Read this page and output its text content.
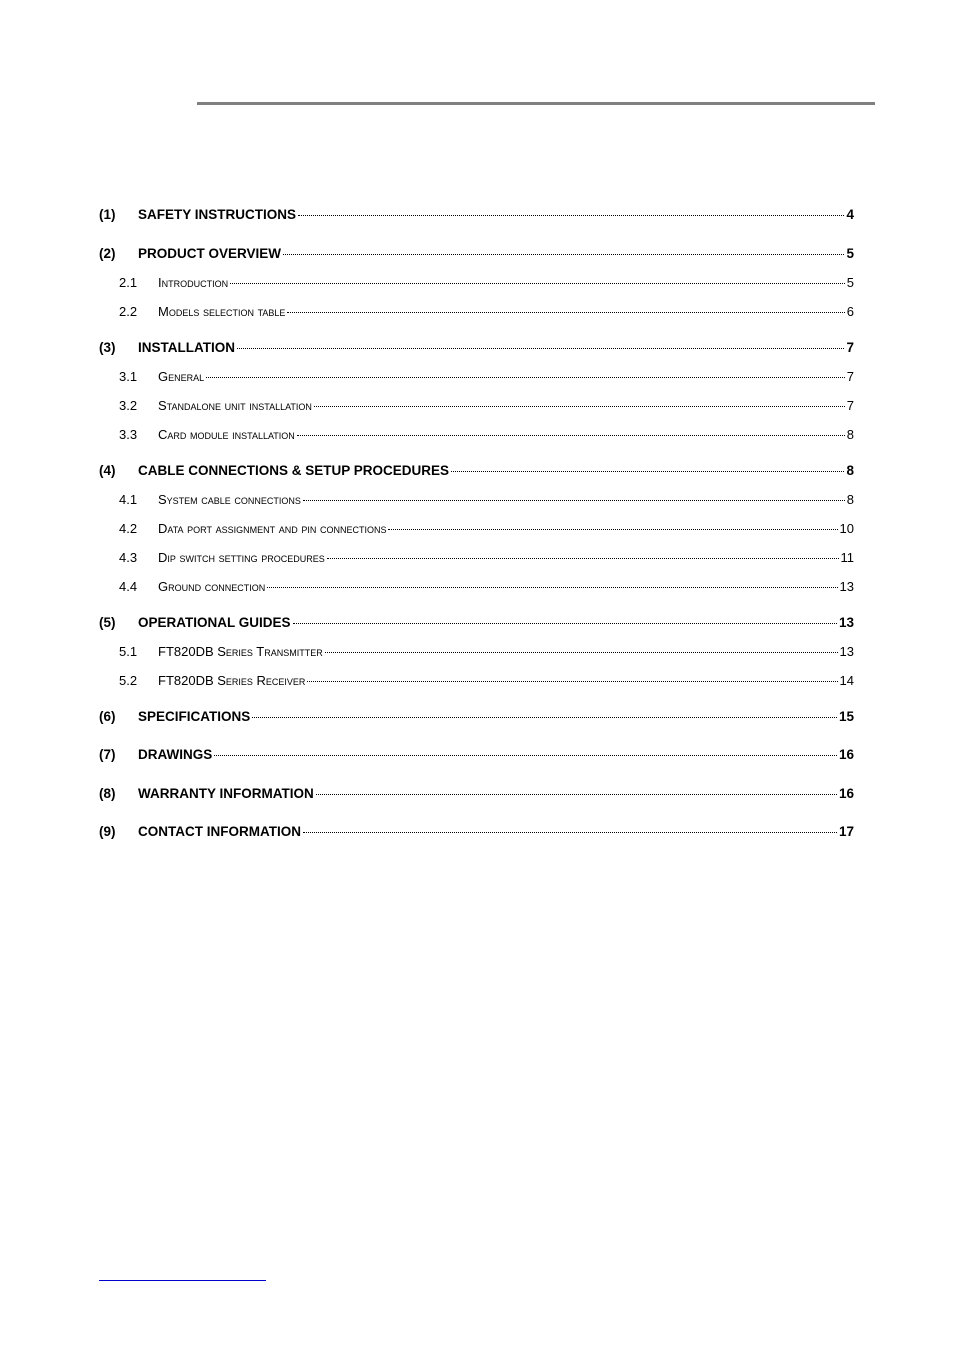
(1)	SAFETY INSTRUCTIONS	4
(2)	PRODUCT OVERVIEW	5
2.1	Introduction	5
2.2	Models selection table	6
(3)	INSTALLATION	7
3.1	General	7
3.2	Standalone unit installation	7
3.3	Card module installation	8
(4)	CABLE CONNECTIONS & SETUP PROCEDURES	8
4.1	System cable connections	8
4.2	Data port assignment and pin connections	10
4.3	Dip switch setting procedures	11
4.4	Ground connection	13
(5)	OPERATIONAL GUIDES	13
5.1	FT820DB Series Transmitter	13
5.2	FT820DB Series Receiver	14
(6)	SPECIFICATIONS	15
(7)	DRAWINGS	16
(8)	WARRANTY INFORMATION	16
(9)	CONTACT INFORMATION	17
